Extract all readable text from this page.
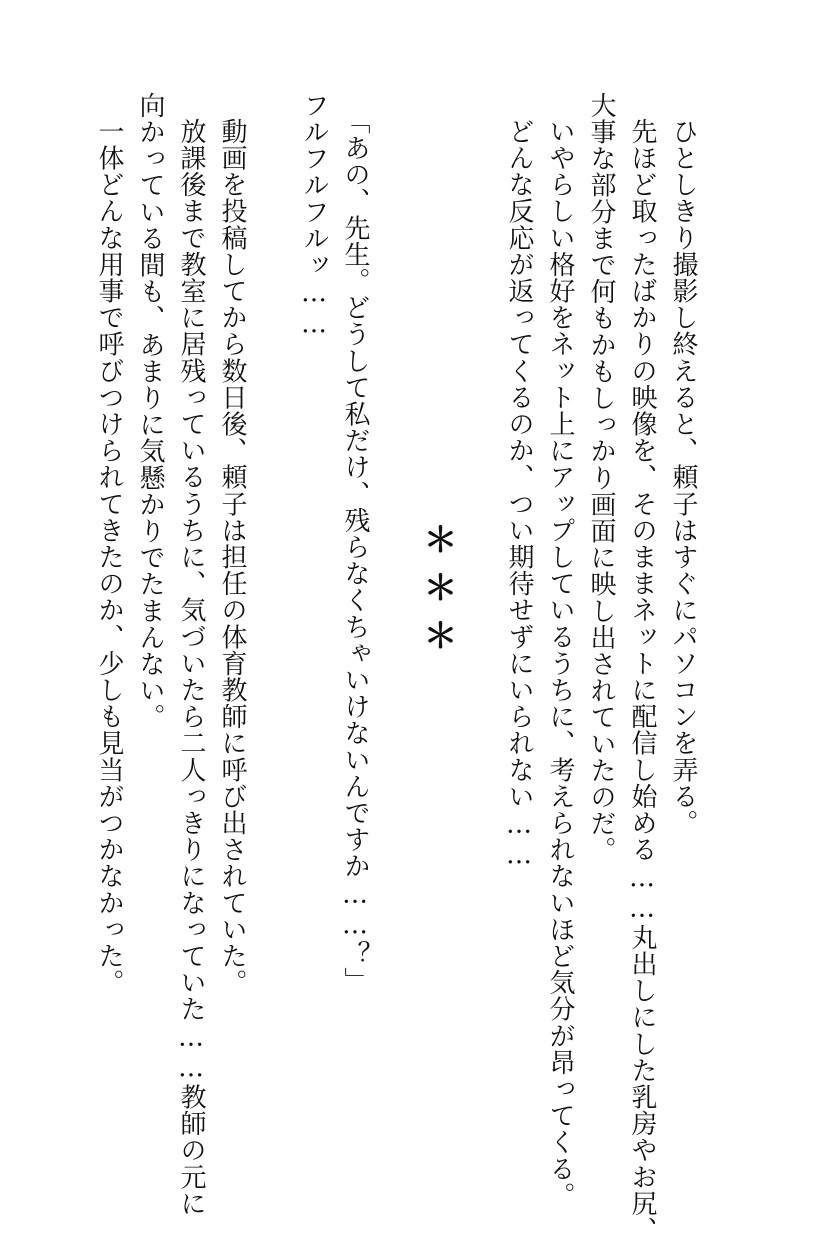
ひとしきり撮影し終えると、頼子はすぐにパソコンを弄る。

先ほど取ったばかりの映像を、そのままネットに配信し始める……丸出しにした乳房やお尻、

大事な部分まで何もかもしっかり画面に映し出されていたのだ。

いやらしい格好をネット上にアップしているうちに、考えられないほど気分が昂ってくる。

どんな反応が返ってくるのか、つい期待せずにいられない……

＊＊＊

「あの、先生。どうして私だけ、残らなくちゃいけないんですか……？」

フルフルフルッ……

動画を投稿してから数日後、頼子は担任の体育教師に呼び出されていた。

放課後まで教室に居残っているうちに、気づいたら二人っきりになっていた……教師の元に

向かっている間も、あまりに気懸かりでたまんない。

一体どんな用事で呼びつけられてきたのか、少しも見当がつかなかった。
